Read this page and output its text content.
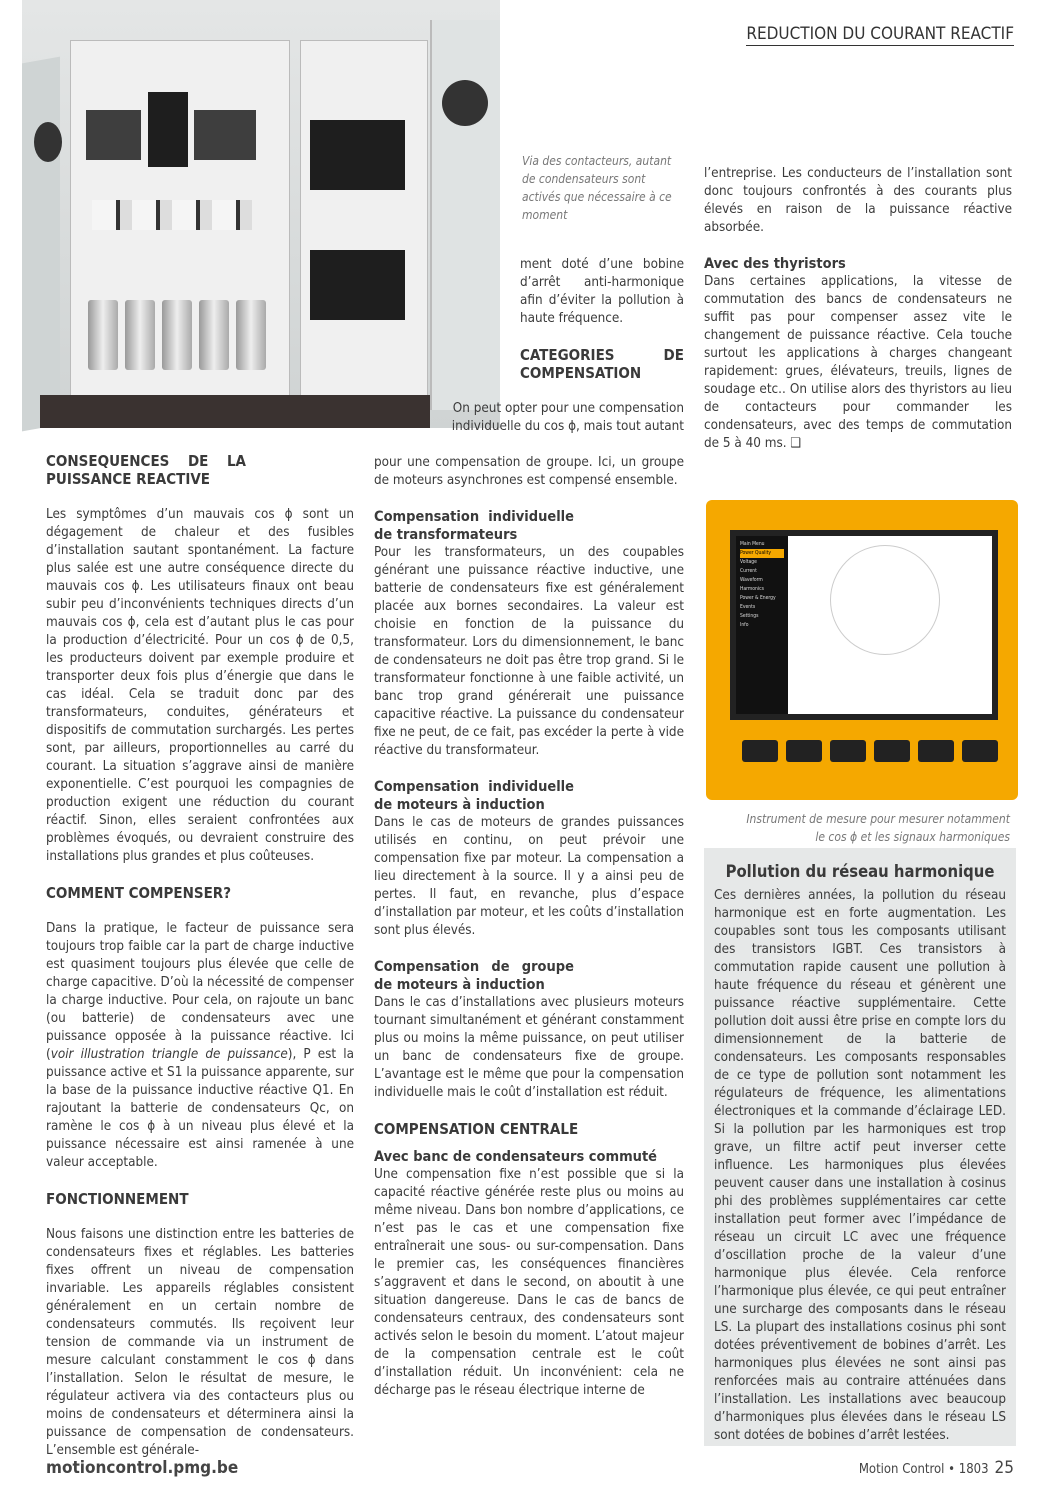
REDUCTION DU COURANT REACTIF
Via des contacteurs, autant de condensateurs sont activés que nécessaire à ce moment
CONSEQUENCES DE LA PUISSANCE REACTIVE

Les symptômes d’un mauvais cos ϕ sont un dégagement de chaleur et des fusibles d’installation sautant spontanément. La facture plus salée est une autre conséquence directe du mauvais cos ϕ. Les utilisateurs finaux ont beau subir peu d’inconvénients techniques directs d’un mauvais cos ϕ, cela est d’autant plus le cas pour la production d’électricité. Pour un cos ϕ de 0,5, les producteurs doivent par exemple produire et transporter deux fois plus d’énergie que dans le cas idéal. Cela se traduit donc par des transformateurs, conduites, générateurs et dispositifs de commutation surchargés. Les pertes sont, par ailleurs, proportionnelles au carré du courant. La situation s’aggrave ainsi de manière exponentielle. C’est pourquoi les compagnies de production exigent une réduction du courant réactif. Sinon, elles seraient confrontées aux problèmes évoqués, ou devraient construire des installations plus grandes et plus coûteuses.

COMMENT COMPENSER?

Dans la pratique, le facteur de puissance sera toujours trop faible car la part de charge inductive est quasiment toujours plus élevée que celle de charge capacitive. D’où la nécessité de compenser la charge inductive. Pour cela, on rajoute un banc (ou batterie) de condensateurs avec une puissance opposée à la puissance réactive. Ici (voir illustration triangle de puissance), P est la puissance active et S1 la puissance apparente, sur la base de la puissance inductive réactive Q1. En rajoutant la batterie de condensateurs Qc, on ramène le cos ϕ à un niveau plus élevé et la puissance nécessaire est ainsi ramenée à une valeur acceptable.

FONCTIONNEMENT

Nous faisons une distinction entre les batteries de condensateurs fixes et réglables. Les batteries fixes offrent un niveau de compensation invariable. Les appareils réglables consistent généralement en un certain nombre de condensateurs commutés. Ils reçoivent leur tension de commande via un instrument de mesure calculant constamment le cos ϕ dans l’installation. Selon le résultat de mesure, le régulateur activera via des contacteurs plus ou moins de condensateurs et déterminera ainsi la puissance de compensation de condensateurs. L’ensemble est générale-

ment doté d’une bobine d’arrêt anti-harmonique afin d’éviter la pollution à haute fréquence.

CATEGORIES DE COMPENSATION

On peut opter pour une compensation individuelle du cos ϕ, mais tout autant

pour une compensation de groupe. Ici, un groupe de moteurs asynchrones est compensé ensemble.

Compensation individuelle de transformateurs

Pour les transformateurs, un des coupables générant une puissance réactive inductive, une batterie de condensateurs fixe est généralement placée aux bornes secondaires. La valeur est choisie en fonction de la puissance du transformateur. Lors du dimensionnement, le banc de condensateurs ne doit pas être trop grand. Si le transformateur fonctionne à une faible activité, un banc trop grand générerait une puissance capacitive réactive. La puissance du condensateur fixe ne peut, de ce fait, pas excéder la perte à vide réactive du transformateur.

Compensation individuelle de moteurs à induction

Dans le cas de moteurs de grandes puissances utilisés en continu, on peut prévoir une compensation fixe par moteur. La compensation a lieu directement à la source. Il y a ainsi peu de pertes. Il faut, en revanche, plus d’espace d’installation par moteur, et les coûts d’installation sont plus élevés.

Compensation de groupe de moteurs à induction

Dans le cas d’installations avec plusieurs moteurs tournant simultanément et générant constamment plus ou moins la même puissance, on peut utiliser un banc de condensateurs fixe de groupe. L’avantage est le même que pour la compensation individuelle mais le coût d’installation est réduit.

COMPENSATION CENTRALE
Avec banc de condensateurs commuté

Une compensation fixe n’est possible que si la capacité réactive générée reste plus ou moins au même niveau. Dans bon nombre d’applications, ce n’est pas le cas et une compensation fixe entraînerait une sous- ou sur-compensation. Dans le premier cas, les conséquences financières s’aggravent et dans le second, on aboutit à une situation dangereuse. Dans le cas de bancs de condensateurs centraux, des condensateurs sont activés selon le besoin du moment. L’atout majeur de la compensation centrale est le coût d’installation réduit. Un inconvénient: cela ne décharge pas le réseau électrique interne de

l’entreprise. Les conducteurs de l’installation sont donc toujours confrontés à des courants plus élevés en raison de la puissance réactive absorbée.

Avec des thyristors

Dans certaines applications, la vitesse de commutation des bancs de condensateurs ne suffit pas pour compenser assez vite le changement de puissance réactive. Cela touche surtout les applications à charges changeant rapidement: grues, élévateurs, treuils, lignes de soudage etc.. On utilise alors des thyristors au lieu de contacteurs pour commander les condensateurs, avec des temps de commutation de 5 à 40 ms. ❑

Main Menu
Power Quality
Voltage
Current
Waveform
Harmonics
Power & Energy
Events
Settings
Info
Instrument de mesure pour mesurer notamment le cos ϕ et les signaux harmoniques
Pollution du réseau harmonique

Ces dernières années, la pollution du réseau harmonique est en forte augmentation. Les coupables sont tous les composants utilisant des transistors IGBT. Ces transistors à commutation rapide causent une pollution à haute fréquence du réseau et génèrent une puissance réactive supplémentaire. Cette pollution doit aussi être prise en compte lors du dimensionnement de la batterie de condensateurs. Les composants responsables de ce type de pollution sont notamment les régulateurs de fréquence, les alimentations électroniques et la commande d’éclairage LED. Si la pollution par les harmoniques est trop grave, un filtre actif peut inverser cette influence. Les harmoniques plus élevées peuvent causer dans une installation à cosinus phi des problèmes supplémentaires car cette installation peut former avec l’impédance de réseau un circuit LC avec une fréquence d’oscillation proche de la valeur d’une harmonique plus élevée. Cela renforce l’harmonique plus élevée, ce qui peut entraîner une surcharge des composants dans le réseau LS. La plupart des installations cosinus phi sont dotées préventivement de bobines d’arrêt. Les harmoniques plus élevées ne sont ainsi pas renforcées mais au contraire atténuées dans l’installation. Les installations avec beaucoup d’harmoniques plus élevées dans le réseau LS sont dotées de bobines d’arrêt lestées.

motioncontrol.pmg.be	Motion Control • 1803 25
